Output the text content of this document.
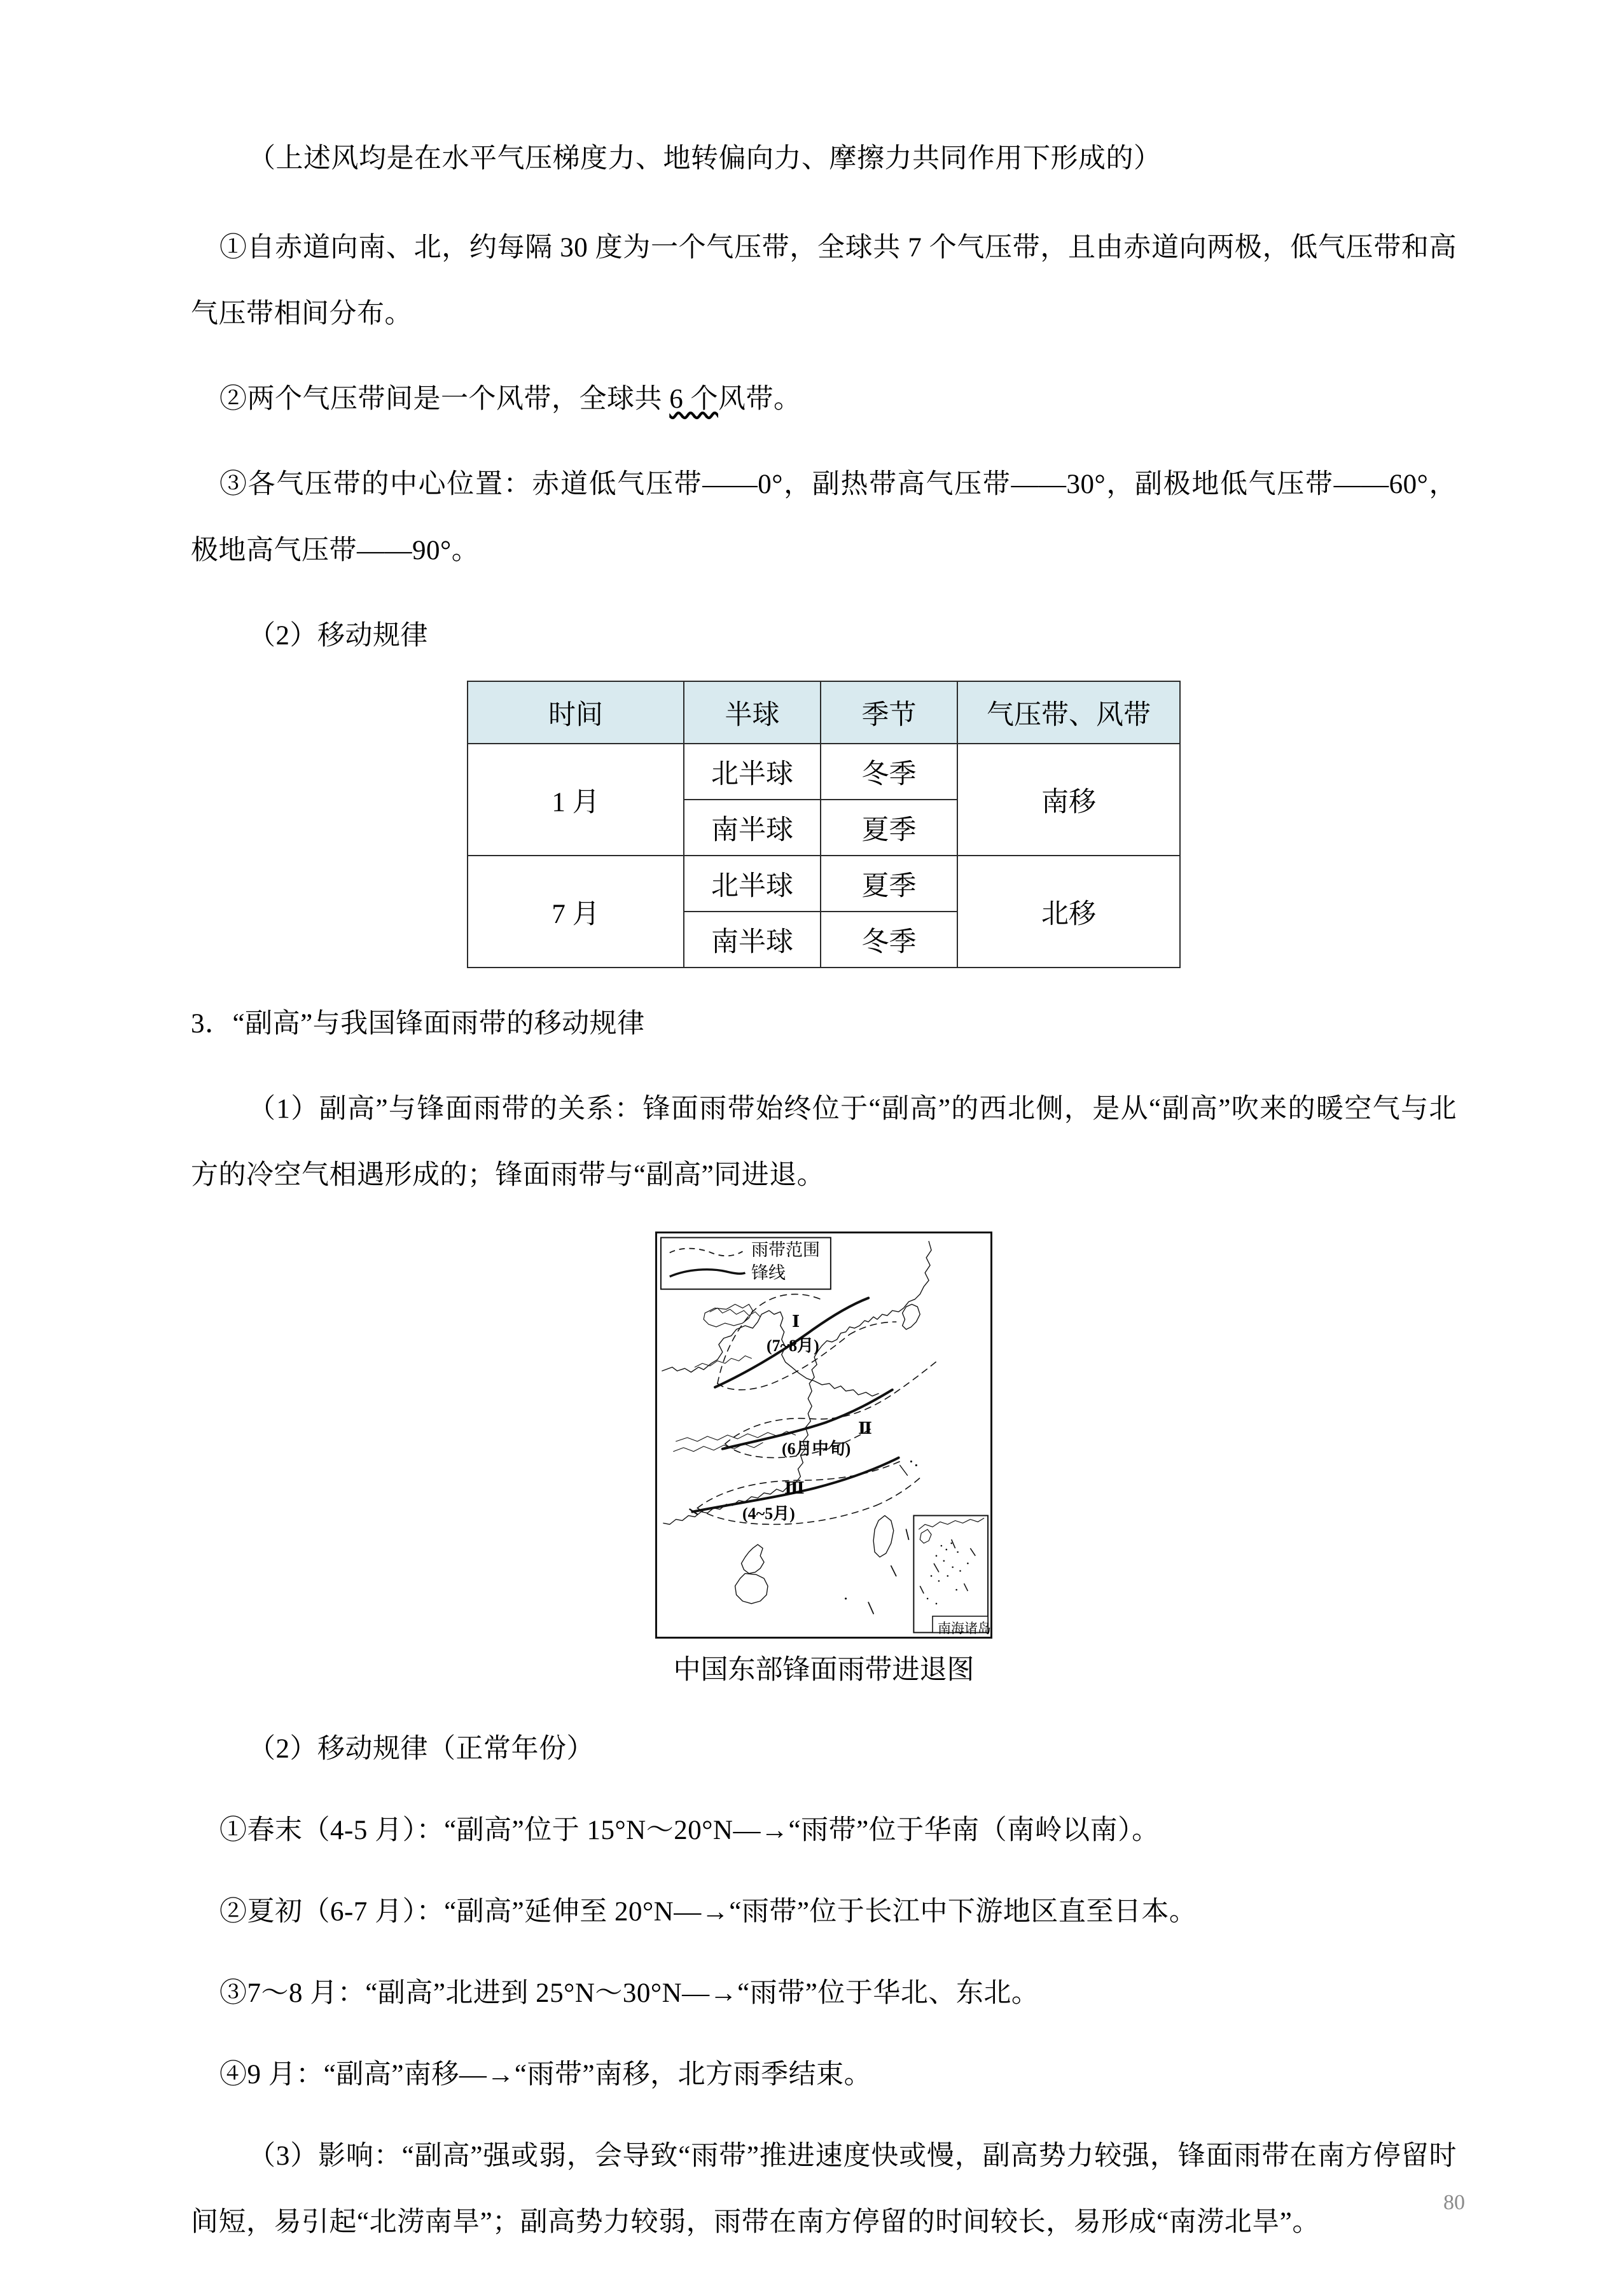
（上述风均是在水平气压梯度力、地转偏向力、摩擦力共同作用下形成的）

①自赤道向南、北，约每隔 30 度为一个气压带，全球共 7 个气压带，且由赤道向两极，低气压带和高气压带相间分布。

②两个气压带间是一个风带，全球共 6 个风带。

③各气压带的中心位置：赤道低气压带——0°，副热带高气压带——30°，副极地低气压带——60°，极地高气压带——90°。

（2）移动规律

时间	半球	季节	气压带、风带
1 月	北半球	冬季	南移
	南半球	夏季	
7 月	北半球	夏季	北移
	南半球	冬季	

3．“副高”与我国锋面雨带的移动规律

（1）副高”与锋面雨带的关系：锋面雨带始终位于“副高”的西北侧，是从“副高”吹来的暖空气与北方的冷空气相遇形成的；锋面雨带与“副高”同进退。

雨带范围
锋线
Ⅰ
(7~8月)
Ⅱ
(6月中旬)
Ⅲ
(4~5月)
南海诸岛
中国东部锋面雨带进退图

（2）移动规律（正常年份）

①春末（4-5 月）：“副高”位于 15°N～20°N—→“雨带”位于华南（南岭以南）。

②夏初（6-7 月）：“副高”延伸至 20°N—→“雨带”位于长江中下游地区直至日本。

③7～8 月：“副高”北进到 25°N～30°N—→“雨带”位于华北、东北。

④9 月：“副高”南移—→“雨带”南移，北方雨季结束。

（3）影响：“副高”强或弱，会导致“雨带”推进速度快或慢，副高势力较强，锋面雨带在南方停留时间短，易引起“北涝南旱”；副高势力较弱，雨带在南方停留的时间较长，易形成“南涝北旱”。

80
